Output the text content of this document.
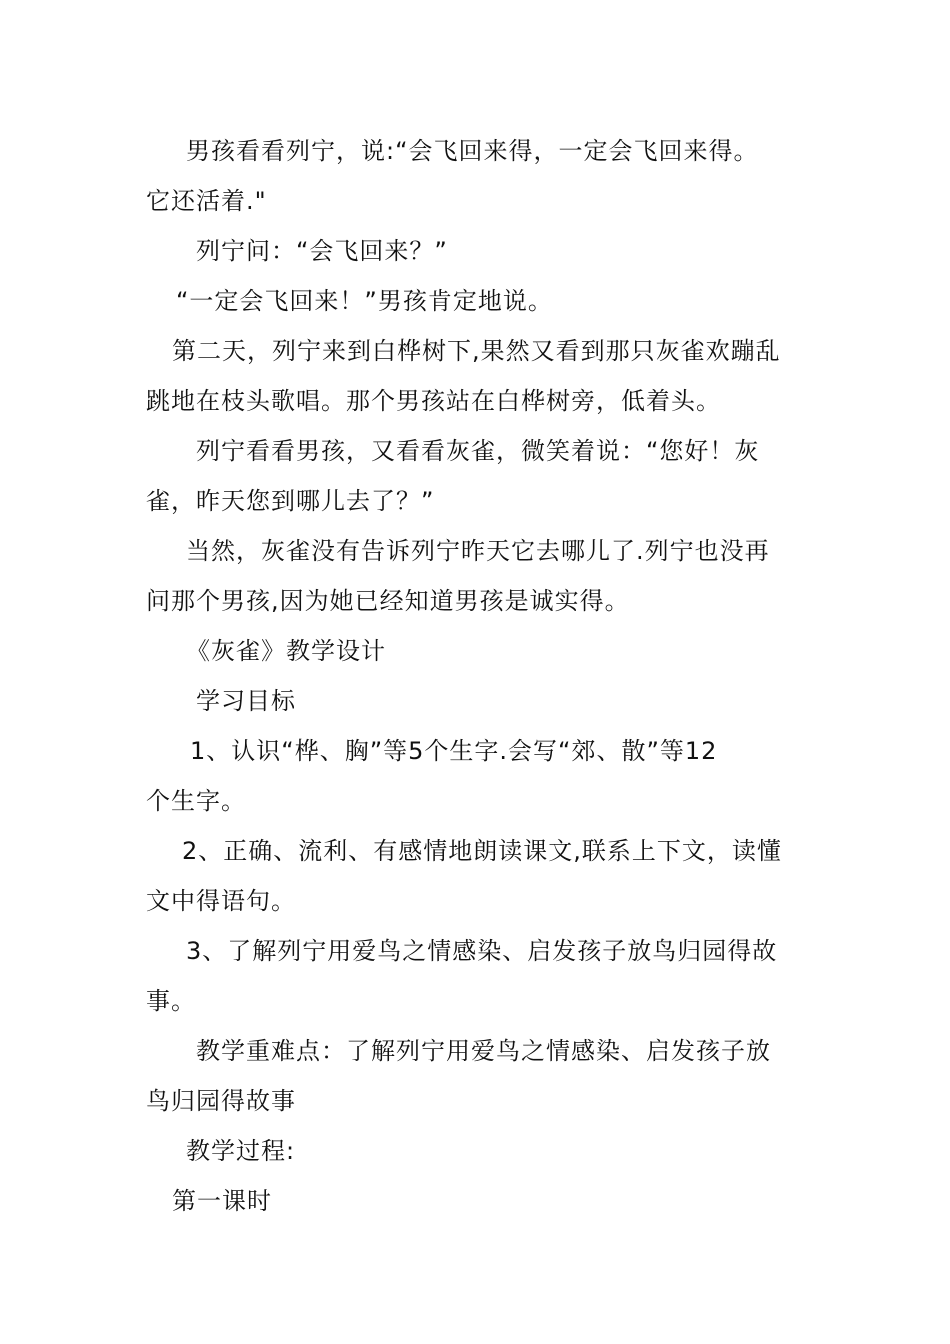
男孩看看列宁，说:“会飞回来得，一定会飞回来得。
它还活着."
列宁问：“会飞回来？”
“一定会飞回来！”男孩肯定地说。
第二天，列宁来到白桦树下,果然又看到那只灰雀欢蹦乱
跳地在枝头歌唱。那个男孩站在白桦树旁，低着头。
列宁看看男孩，又看看灰雀，微笑着说：“您好！灰
雀，昨天您到哪儿去了？”
当然，灰雀没有告诉列宁昨天它去哪儿了.列宁也没再
问那个男孩,因为她已经知道男孩是诚实得。
《灰雀》教学设计
学习目标
1、认识“桦、胸”等5个生字.会写“郊、散”等12
个生字。
2、正确、流利、有感情地朗读课文,联系上下文，读懂
文中得语句。
3、了解列宁用爱鸟之情感染、启发孩子放鸟归园得故
事。
教学重难点：了解列宁用爱鸟之情感染、启发孩子放
鸟归园得故事
教学过程:
第一课时
